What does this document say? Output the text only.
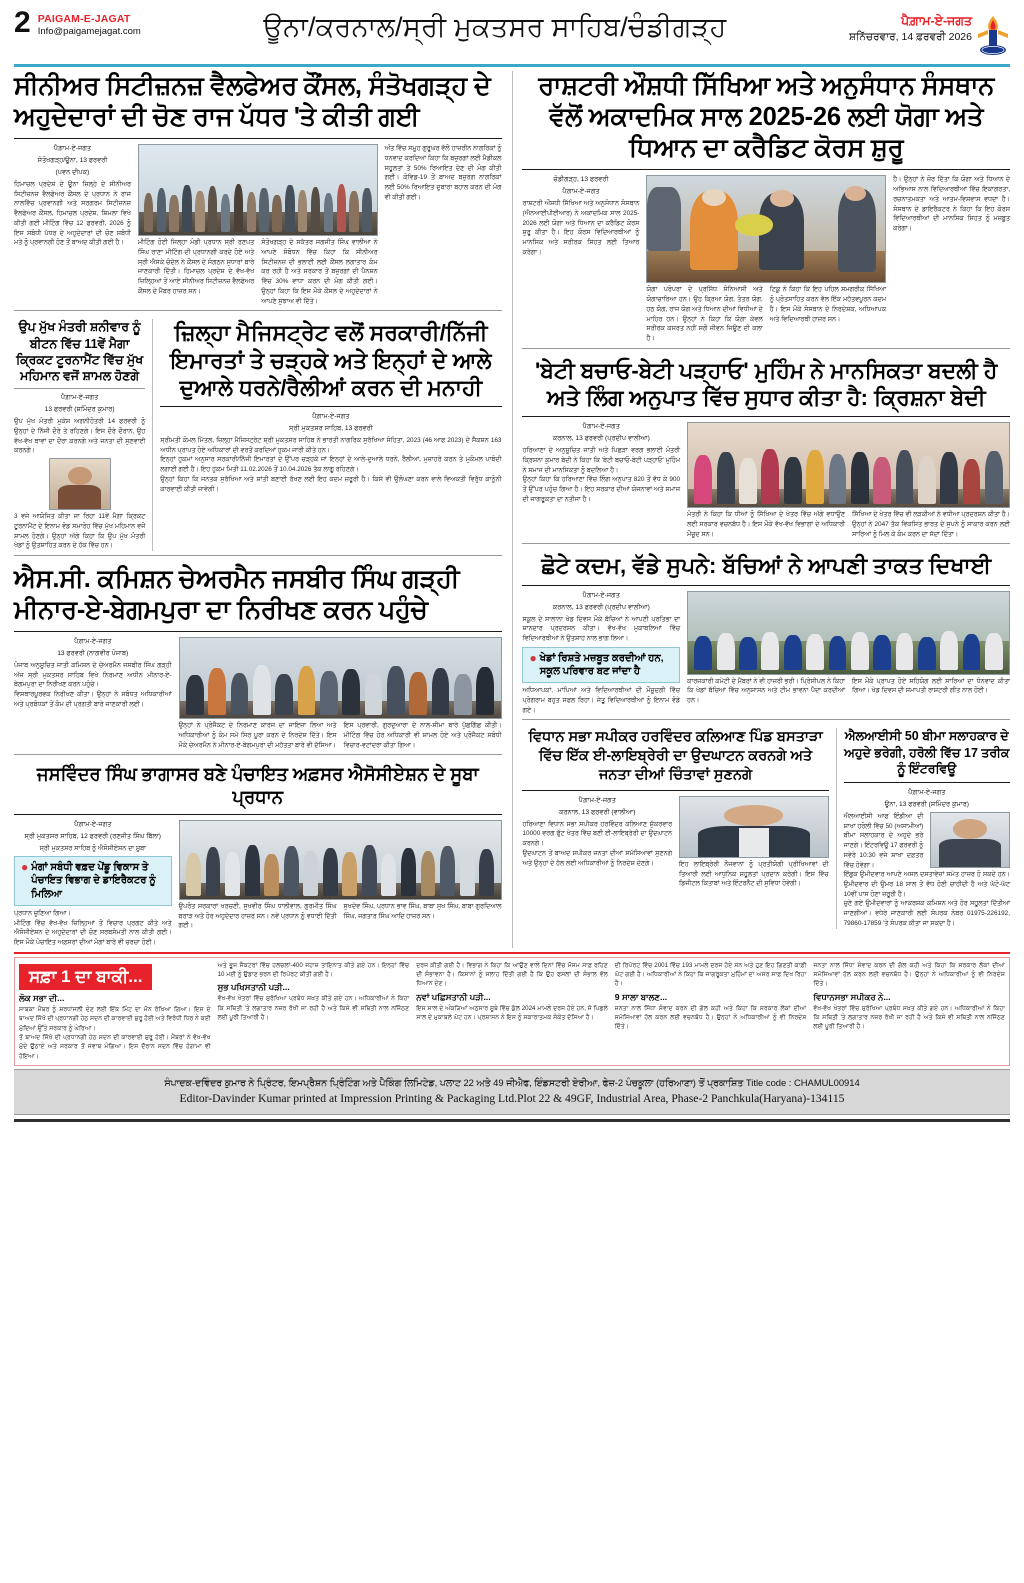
2 PAIGAM-E-JAGAT
Info@paigamejagat.com	ਊਨਾ/ਕਰਨਾਲ/ਸ੍ਰੀ ਮੁਕਤਸਰ ਸਾਹਿਬ/ਚੰਡੀਗੜ੍ਹ	ਪੈਗ਼ਾਮ-ਏ-ਜਗਤ
ਸ਼ਨਿੱਚਰਵਾਰ, 14 ਫ਼ਰਵਰੀ 2026
ਸੀਨੀਅਰ ਸਿਟੀਜ਼ਨਜ਼ ਵੈਲਫੇਅਰ ਕੌਂਸਲ, ਸੰਤੋਖਗੜ੍ਹ ਦੇ ਅਹੁਦੇਦਾਰਾਂ ਦੀ ਚੋਣ ਰਾਜ ਪੱਧਰ 'ਤੇ ਕੀਤੀ ਗਈ
ਪੈਗ਼ਾਮ-ਏ-ਜਗਤ
ਸੰਤੋਖਗੜ੍ਹ/ਊਨਾ, 13 ਫਰਵਰੀ
(ਪਵਨ ਦੀਪਕ)
ਹਿਮਾਚਲ ਪ੍ਰਦੇਸ਼ ਦੇ ਊਨਾ ਜ਼ਿਲ੍ਹੇ ਦੇ ਸੀਨੀਅਰ ਸਿਟੀਜ਼ਨਜ਼ ਵੈਲਫੇਅਰ ਕੌਂਸਲ ਦੇ ਪ੍ਰਧਾਨ ਨੇ ਰਾਜ ਨਾਲਵਿੱਚ ਪ੍ਰਵਾਨਗੀ ਅਤੇ ਸਰਗਰਮ ਸਿਟੀਜ਼ਨਜ਼ ਵੈਲਫੇਅਰ ਕੌਂਸਲ, ਹਿਮਾਚਲ ਪ੍ਰਦੇਸ਼, ਸ਼ਿਮਲਾ ਵਿਖੇ ਕੀਤੀ ਗਈ ਮੀਟਿੰਗ ਵਿੱਚ 12 ਫਰਵਰੀ, 2026 ਨੂੰ ਇਸ ਸਬੰਧੀ ਪੱਧਰ ਦੇ ਅਹੁਦੇਦਾਰਾਂ ਦੀ ਚੋਣ ਸਬੰਧੀ ਮਤੇ ਨੂੰ ਪ੍ਰਵਾਨਗੀ ਹੋਣ ਤੋਂ ਬਾਅਦ ਕੀਤੀ ਗਈ ਹੈ।	ਮੀਟਿੰਗ ਹੋਈ ਜਿਲ੍ਹਾ ਮੰਡੀ ਪ੍ਰਧਾਨ ਸ੍ਰੀ ਰਣਪਤ ਸਿੰਘ ਰਾਣਾ ਮੀਟਿੰਗ ਦੀ ਪ੍ਰਧਾਨਗੀ ਕਰਦੇ ਹੋਏ ਅਤੇ ਸ੍ਰੀ ਐਸਕੇ ਚੰਦੇਲ ਨੇ ਕੌਂਸਲ ਦੇ ਸੰਗਠਨ ਸੁਧਾਰਾਂ ਬਾਰੇ ਜਾਣਕਾਰੀ ਦਿੱਤੀ। ਹਿਮਾਚਲ ਪ੍ਰਦੇਸ਼ ਦੇ ਵੱਖ-ਵੱਖ ਜ਼ਿਲ੍ਹਿਆਂ ਤੋਂ ਆਏ ਸੀਨੀਅਰ ਸਿਟੀਜ਼ਨਜ਼ ਵੈਲਫੇਅਰ ਕੌਂਸਲ ਦੇ ਮੈਂਬਰ ਹਾਜ਼ਰ ਸਨ।
ਸੰਤੋਖਗੜ੍ਹ ਦੇ ਸਕੱਤਰ ਜਗਜੀਤ ਸਿੰਘ ਵਾਲੀਆ ਨੇ ਆਪਣੇ ਸੰਬੋਧਨ ਵਿੱਚ ਕਿਹਾ ਕਿ ਸੀਨੀਅਰ ਸਿਟੀਜ਼ਨਜ਼ ਦੀ ਭਲਾਈ ਲਈ ਕੌਂਸਲ ਲਗਾਤਾਰ ਕੰਮ ਕਰ ਰਹੀ ਹੈ ਅਤੇ ਸਰਕਾਰ ਤੋਂ ਬਜ਼ੁਰਗਾਂ ਦੀ ਪੈਨਸ਼ਨ ਵਿੱਚ 30% ਵਾਧਾ ਕਰਨ ਦੀ ਮੰਗ ਕੀਤੀ ਗਈ। ਉਨ੍ਹਾਂ ਕਿਹਾ ਕਿ ਇਸ ਮੌਕੇ ਕੌਂਸਲ ਦੇ ਅਹੁਦੇਦਾਰਾਂ ਨੇ ਆਪਣੇ ਸੁਝਾਅ ਵੀ ਦਿੱਤੇ।
ਅੰਤ ਵਿੱਚ ਸਮੂਹ ਗੁਰੂਘਰ ਵੱਲੋਂ ਹਾਜ਼ਰੀਨ ਨਾਗਰਿਕਾਂ ਨੂੰ ਧਨਵਾਦ ਕਰਦਿਆਂ ਕਿਹਾ ਕਿ ਬਜ਼ੁਰਗਾਂ ਲਈ ਮੈਡੀਕਲ ਸਹੂਲਤਾਂ ਤੇ 50% ਰਿਆਇਤ ਦੇਣ ਦੀ ਮੰਗ ਕੀਤੀ ਗਈ। ਕੋਵਿਡ-19 ਤੋਂ ਬਾਅਦ ਬਜ਼ੁਰਗ ਨਾਗਰਿਕਾਂ ਲਈ 50% ਰਿਆਇਤ ਦੁਬਾਰਾ ਬਹਾਲ ਕਰਨ ਦੀ ਮੰਗ ਵੀ ਕੀਤੀ ਗਈ।
ਉਪ ਮੁੱਖ ਮੰਤਰੀ ਸ਼ਨੀਵਾਰ ਨੂੰ ਬੀਟਨ ਵਿੱਚ 11ਵੇਂ ਮੈਗਾ ਕ੍ਰਿਕਟ ਟੂਰਨਾਮੈਂਟ ਵਿੱਚ ਮੁੱਖ ਮਹਿਮਾਨ ਵਜੋਂ ਸ਼ਾਮਲ ਹੋਣਗੇ
ਪੈਗ਼ਾਮ-ਏ-ਜਗਤ
13 ਫਰਵਰੀ (ਸ਼ਮਿੰਦਰ ਕੁਮਾਰ)
ਉਪ ਮੁੱਖ ਮੰਤਰੀ ਮੁਕੇਸ਼ ਅਗਨੀਹੋਤਰੀ 14 ਫਰਵਰੀ ਨੂੰ ਉਨ੍ਹਾਂ ਦੇ ਨਿੱਜੀ ਦੌਰੇ ਤੇ ਰਹਿਣਗੇ। ਇਸ ਦੌਰੇ ਦੌਰਾਨ, ਉਹ ਵੱਖ-ਵੱਖ ਥਾਵਾਂ ਦਾ ਦੌਰਾ ਕਰਨਗੇ ਅਤੇ ਜਨਤਾ ਦੀ ਸੁਣਵਾਈ ਕਰਨਗੇ।
3 ਵਜੇ ਆਯੋਜਿਤ ਕੀਤਾ ਜਾ ਰਿਹਾ 11ਵੇਂ ਮੈਗਾ ਕ੍ਰਿਕਟ ਟੂਰਨਾਮੈਂਟ ਦੇ ਇਨਾਮ ਵੰਡ ਸਮਾਰੋਹ ਵਿੱਚ ਮੁੱਖ ਮਹਿਮਾਨ ਵਜੋਂ ਸ਼ਾਮਲ ਹੋਣਗੇ। ਉਨ੍ਹਾਂ ਅੱਗੇ ਕਿਹਾ ਕਿ ਉਪ ਮੁੱਖ ਮੰਤਰੀ ਖੇਡਾਂ ਨੂੰ ਉਤਸ਼ਾਹਿਤ ਕਰਨ ਦੇ ਹੱਕ ਵਿੱਚ ਹਨ।
ਜ਼ਿਲ੍ਹਾ ਮੈਜਿਸਟ੍ਰੇਟ ਵਲੋਂ ਸਰਕਾਰੀ/ਨਿੱਜੀ ਇਮਾਰਤਾਂ ਤੇ ਚੜ੍ਹਕੇ ਅਤੇ ਇਨ੍ਹਾਂ ਦੇ ਆਲੇ ਦੁਆਲੇ ਧਰਨੇ/ਰੈਲੀਆਂ ਕਰਨ ਦੀ ਮਨਾਹੀ
ਪੈਗ਼ਾਮ-ਏ-ਜਗਤ
ਸ੍ਰੀ ਮੁਕਤਸਰ ਸਾਹਿਬ, 13 ਫਰਵਰੀ
ਸ੍ਰੀਮਤੀ ਕੋਮਲ ਮਿੱਤਲ, ਜ਼ਿਲ੍ਹਾ ਮੈਜਿਸਟ੍ਰੇਟ ਸ਼੍ਰੀ ਮੁਕਤਸਰ ਸਾਹਿਬ ਨੇ ਭਾਰਤੀ ਨਾਗਰਿਕ ਸੁਰੱਖਿਆ ਸੰਹਿਤਾ, 2023 (46 ਆਫ 2023) ਦੇ ਸੈਕਸ਼ਨ 163 ਅਧੀਨ ਪ੍ਰਾਪਤ ਹੋਏ ਅਧਿਕਾਰਾਂ ਦੀ ਵਰਤੋਂ ਕਰਦਿਆਂ ਹੁਕਮ ਜਾਰੀ ਕੀਤੇ ਹਨ।
ਇਨ੍ਹਾਂ ਹੁਕਮਾਂ ਅਨੁਸਾਰ ਸਰਕਾਰੀ/ਨਿੱਜੀ ਇਮਾਰਤਾਂ ਦੇ ਉੱਪਰ ਚੜ੍ਹਕੇ ਜਾਂ ਇਨ੍ਹਾਂ ਦੇ ਆਲੇ-ਦੁਆਲੇ ਧਰਨੇ, ਰੈਲੀਆਂ, ਮੁਜ਼ਾਹਰੇ ਕਰਨ ਤੇ ਮੁਕੰਮਲ ਪਾਬੰਦੀ ਲਗਾਈ ਗਈ ਹੈ। ਇਹ ਹੁਕਮ ਮਿਤੀ 11.02.2026 ਤੋਂ 10.04.2026 ਤੱਕ ਲਾਗੂ ਰਹਿਣਗੇ।
ਉਨ੍ਹਾਂ ਕਿਹਾ ਕਿ ਜਨਤਕ ਸੁਰੱਖਿਆ ਅਤੇ ਸ਼ਾਂਤੀ ਬਣਾਈ ਰੱਖਣ ਲਈ ਇਹ ਕਦਮ ਜ਼ਰੂਰੀ ਹੈ। ਕਿਸੇ ਵੀ ਉਲੰਘਣਾ ਕਰਨ ਵਾਲੇ ਵਿਅਕਤੀ ਵਿਰੁੱਧ ਕਾਨੂੰਨੀ ਕਾਰਵਾਈ ਕੀਤੀ ਜਾਵੇਗੀ।
ਐਸ.ਸੀ. ਕਮਿਸ਼ਨ ਚੇਅਰਮੈਨ ਜਸਬੀਰ ਸਿੰਘ ਗੜ੍ਹੀ ਮੀਨਾਰ-ਏ-ਬੇਗਮਪੁਰਾ ਦਾ ਨਿਰੀਖਣ ਕਰਨ ਪਹੁੰਚੇ
ਪੈਗ਼ਾਮ-ਏ-ਜਗਤ
13 ਫਰਵਰੀ (ਨਾਗਵੀਰ ਪੰਜਾਬ)
ਪੰਜਾਬ ਅਨੁਸੂਚਿਤ ਜਾਤੀ ਕਮਿਸ਼ਨ ਦੇ ਚੇਅਰਮੈਨ ਜਸਬੀਰ ਸਿੰਘ ਗੜ੍ਹੀ ਅੱਜ ਸ੍ਰੀ ਮੁਕਤਸਰ ਸਾਹਿਬ ਵਿਖੇ ਨਿਰਮਾਣ ਅਧੀਨ ਮੀਨਾਰ-ਏ-ਬੇਗਮਪੁਰਾ ਦਾ ਨਿਰੀਖਣ ਕਰਨ ਪਹੁੰਚੇ।
ਵਿਸ਼ਥਾਰਪੂਰਵਕ ਨਿਰੀਖਣ ਕੀਤਾ। ਉਨ੍ਹਾਂ ਨੇ ਸਬੰਧਤ ਅਧਿਕਾਰੀਆਂ ਅਤੇ ਪ੍ਰਬੰਧਕਾਂ ਤੋਂ ਕੰਮ ਦੀ ਪ੍ਰਗਤੀ ਬਾਰੇ ਜਾਣਕਾਰੀ ਲਈ।
ਉਨ੍ਹਾਂ ਨੇ ਪ੍ਰੋਜੈਕਟ ਦੇ ਨਿਰਮਾਣ ਕਾਰਜ ਦਾ ਜਾਇਜ਼ਾ ਲਿਆ ਅਤੇ ਅਧਿਕਾਰੀਆਂ ਨੂੰ ਕੰਮ ਸਮੇਂ ਸਿਰ ਪੂਰਾ ਕਰਨ ਦੇ ਨਿਰਦੇਸ਼ ਦਿੱਤੇ। ਇਸ ਮੌਕੇ ਚੇਅਰਮੈਨ ਨੇ ਮੀਨਾਰ-ਏ-ਬੇਗਮਪੁਰਾ ਦੀ ਮਹੱਤਤਾ ਬਾਰੇ ਵੀ ਦੱਸਿਆ।
ਇਸ ਪ੍ਰਵਾਰੀ, ਗੁਰਦੁਆਰਾ ਦੇ ਨਾਲ-ਸੀਮਾ ਬਾਰੇ ਪੁੱਛਗਿੱਛ ਕੀਤੀ। ਮੀਟਿੰਗ ਵਿੱਚ ਹੋਰ ਅਧਿਕਾਰੀ ਵੀ ਸ਼ਾਮਲ ਹੋਏ ਅਤੇ ਪ੍ਰੋਜੈਕਟ ਸਬੰਧੀ ਵਿਚਾਰ-ਵਟਾਂਦਰਾ ਕੀਤਾ ਗਿਆ।
ਜਸਵਿੰਦਰ ਸਿੰਘ ਭਾਗਾਸਰ ਬਣੇ ਪੰਚਾਇਤ ਅਫ਼ਸਰ ਐਸੋਸੀਏਸ਼ਨ ਦੇ ਸੂਬਾ ਪ੍ਰਧਾਨ
ਪੈਗ਼ਾਮ-ਏ-ਜਗਤ
ਸ੍ਰੀ ਮੁਕਤਸਰ ਸਾਹਿਬ, 12 ਫਰਵਰੀ (ਰਣਜੀਤ ਸਿੰਘ ਬਿੱਲਾ)
ਸ੍ਰੀ ਮੁਕਤਸਰ ਸਾਹਿਬ ਨੂੰ ਐਸੋਸੀਏਸ਼ਨ ਦਾ ਸੂਬਾ
● ਮੰਗਾਂ ਸਬੰਧੀ ਵਫ਼ਦ ਪੇਂਡੂ ਵਿਕਾਸ ਤੇ ਪੰਚਾਇਤ ਵਿਭਾਗ ਦੇ ਡਾਇਰੈਕਟਰ ਨੂੰ ਮਿਲਿਆ
ਪ੍ਰਧਾਨ ਚੁਣਿਆ ਗਿਆ।
ਮੀਟਿੰਗ ਵਿੱਚ ਵੱਖ-ਵੱਖ ਜ਼ਿਲ੍ਹਿਆਂ ਤੋਂ ਵਿਚਾਰ ਪ੍ਰਗਟ ਕੀਤੇ ਅਤੇ ਐਸੋਸੀਏਸ਼ਨ ਦੇ ਅਹੁਦੇਦਾਰਾਂ ਦੀ ਚੋਣ ਸਰਬਸੰਮਤੀ ਨਾਲ ਕੀਤੀ ਗਈ। ਇਸ ਮੌਕੇ ਪੰਚਾਇਤ ਅਫ਼ਸਰਾਂ ਦੀਆਂ ਮੰਗਾਂ ਬਾਰੇ ਵੀ ਚਰਚਾ ਹੋਈ।
ਉਪਰੰਤ ਸਰਕਾਰਾਂ ਖਰਚਣੀ, ਸੁਖਵੀਰ ਸਿੰਘ ਧਾਲੀਵਾਲ, ਗੁਰਮੀਤ ਸਿੰਘ ਬਰਾੜ ਅਤੇ ਹੋਰ ਅਹੁਦੇਦਾਰ ਹਾਜ਼ਰ ਸਨ। ਨਵੇਂ ਪ੍ਰਧਾਨ ਨੂੰ ਵਧਾਈ ਦਿੱਤੀ ਗਈ।
ਸੁਖਦੇਵ ਸਿੰਘ, ਪ੍ਰਧਾਨ ਭਾਵ ਸਿੰਘ, ਬਾਬਾ ਸੁਖ ਸਿੰਘ, ਬਾਬਾ ਗੁਰਦਿਆਲ ਸਿੰਘ, ਜਗਤਾਰ ਸਿੰਘ ਆਦਿ ਹਾਜ਼ਰ ਸਨ।
ਰਾਸ਼ਟਰੀ ਔਸ਼ਧੀ ਸਿੱਖਿਆ ਅਤੇ ਅਨੁਸੰਧਾਨ ਸੰਸਥਾਨ ਵੱਲੋਂ ਅਕਾਦਮਿਕ ਸਾਲ 2025-26 ਲਈ ਯੋਗਾ ਅਤੇ ਧਿਆਨ ਦਾ ਕਰੈਡਿਟ ਕੋਰਸ ਸ਼ੁਰੂ
ਚੰਡੀਗੜ੍ਹ, 13 ਫਰਵਰੀ
ਪੈਗ਼ਾਮ-ਏ-ਜਗਤ
ਰਾਸ਼ਟਰੀ ਔਸ਼ਧੀ ਸਿੱਖਿਆ ਅਤੇ ਅਨੁਸੰਧਾਨ ਸੰਸਥਾਨ (ਐਨਆਈਪੀਈਆਰ) ਨੇ ਅਕਾਦਮਿਕ ਸਾਲ 2025-2026 ਲਈ ਯੋਗਾ ਅਤੇ ਧਿਆਨ ਦਾ ਕਰੈਡਿਟ ਕੋਰਸ ਸ਼ੁਰੂ ਕੀਤਾ ਹੈ। ਇਹ ਕੋਰਸ ਵਿਦਿਆਰਥੀਆਂ ਨੂੰ ਮਾਨਸਿਕ ਅਤੇ ਸਰੀਰਕ ਸਿਹਤ ਲਈ ਤਿਆਰ ਕਰੇਗਾ।
ਯੋਗਾ ਪਰੰਪਰਾ ਦੇ ਪ੍ਰਸਿੱਧ ਸੰਨਿਆਸੀ ਅਤੇ ਯੋਗਾਚਾਰਿਆ ਹਨ। ਉਹ ਕ੍ਰਿਆ ਯੋਗ, ਤੰਤਰ ਯੋਗ, ਹਠ ਯੋਗ, ਰਾਜ ਯੋਗ ਅਤੇ ਧਿਆਨ ਦੀਆਂ ਵਿਧੀਆਂ ਦੇ ਮਾਹਿਰ ਹਨ। ਉਨ੍ਹਾਂ ਨੇ ਕਿਹਾ ਕਿ ਯੋਗਾ ਕੇਵਲ ਸਰੀਰਕ ਕਸਰਤ ਨਹੀਂ ਸਗੋਂ ਜੀਵਨ ਜਿਊਣ ਦੀ ਕਲਾ ਹੈ।
ਟਿਕੂ ਨੇ ਕਿਹਾ ਕਿ ਇਹ ਪਹਿਲ ਸਮਗਰੀਕ ਸਿੱਖਿਆ ਨੂੰ ਪ੍ਰੋਤਸਾਹਿਤ ਕਰਨ ਵੱਲ ਇੱਕ ਮਹੱਤਵਪੂਰਨ ਕਦਮ ਹੈ। ਇਸ ਮੌਕੇ ਸੰਸਥਾਨ ਦੇ ਨਿਰਦੇਸ਼ਕ, ਅਧਿਆਪਕ ਅਤੇ ਵਿਦਿਆਰਥੀ ਹਾਜ਼ਰ ਸਨ।
ਹੈ। ਉਨ੍ਹਾਂ ਨੇ ਜ਼ੋਰ ਦਿੱਤਾ ਕਿ ਯੋਗਾ ਅਤੇ ਧਿਆਨ ਦੇ ਅਭਿਆਸ ਨਾਲ ਵਿਦਿਆਰਥੀਆਂ ਵਿੱਚ ਇਕਾਗਰਤਾ, ਰਚਨਾਤਮਕਤਾ ਅਤੇ ਆਤਮ-ਵਿਸ਼ਵਾਸ ਵਧਦਾ ਹੈ। ਸੰਸਥਾਨ ਦੇ ਡਾਇਰੈਕਟਰ ਨੇ ਕਿਹਾ ਕਿ ਇਹ ਕੋਰਸ ਵਿਦਿਆਰਥੀਆਂ ਦੀ ਮਾਨਸਿਕ ਸਿਹਤ ਨੂੰ ਮਜ਼ਬੂਤ ਕਰੇਗਾ।
'ਬੇਟੀ ਬਚਾਓ-ਬੇਟੀ ਪੜ੍ਹਾਓ' ਮੁਹਿੰਮ ਨੇ ਮਾਨਸਿਕਤਾ ਬਦਲੀ ਹੈ ਅਤੇ ਲਿੰਗ ਅਨੁਪਾਤ ਵਿੱਚ ਸੁਧਾਰ ਕੀਤਾ ਹੈ: ਕ੍ਰਿਸ਼ਨਾ ਬੇਦੀ
ਪੈਗ਼ਾਮ-ਏ-ਜਗਤ
ਕਰਨਾਲ, 13 ਫਰਵਰੀ (ਪ੍ਰਦੀਪ ਵਾਲੀਆ)
ਹਰਿਆਣਾ ਦੇ ਅਨੁਸੂਚਿਤ ਜਾਤੀ ਅਤੇ ਪਿਛੜਾ ਵਰਗ ਭਲਾਈ ਮੰਤਰੀ ਕ੍ਰਿਸ਼ਨਾ ਕੁਮਾਰ ਬੇਦੀ ਨੇ ਕਿਹਾ ਕਿ 'ਬੇਟੀ ਬਚਾਓ-ਬੇਟੀ ਪੜ੍ਹਾਓ' ਮੁਹਿੰਮ ਨੇ ਸਮਾਜ ਦੀ ਮਾਨਸਿਕਤਾ ਨੂੰ ਬਦਲਿਆ ਹੈ।
ਉਨ੍ਹਾਂ ਕਿਹਾ ਕਿ ਹਰਿਆਣਾ ਵਿੱਚ ਲਿੰਗ ਅਨੁਪਾਤ 820 ਤੋਂ ਵੱਧ ਕੇ 900 ਤੋਂ ਉੱਪਰ ਪਹੁੰਚ ਗਿਆ ਹੈ। ਇਹ ਸਰਕਾਰ ਦੀਆਂ ਯੋਜਨਾਵਾਂ ਅਤੇ ਸਮਾਜ ਦੀ ਜਾਗਰੂਕਤਾ ਦਾ ਨਤੀਜਾ ਹੈ।
ਮੰਤਰੀ ਨੇ ਕਿਹਾ ਕਿ ਧੀਆਂ ਨੂੰ ਸਿੱਖਿਆ ਦੇ ਖੇਤਰ ਵਿੱਚ ਅੱਗੇ ਵਧਾਉਣ ਲਈ ਸਰਕਾਰ ਵਚਨਬੱਧ ਹੈ। ਇਸ ਮੌਕੇ ਵੱਖ-ਵੱਖ ਵਿਭਾਗਾਂ ਦੇ ਅਧਿਕਾਰੀ ਮੌਜੂਦ ਸਨ।
ਸਿੱਖਿਆ ਦੇ ਖੇਤਰ ਵਿੱਚ ਵੀ ਲੜਕੀਆਂ ਨੇ ਵਧੀਆ ਪ੍ਰਦਰਸ਼ਨ ਕੀਤਾ ਹੈ। ਉਨ੍ਹਾਂ ਨੇ 2047 ਤੱਕ ਵਿਕਸਿਤ ਭਾਰਤ ਦੇ ਸੁਪਨੇ ਨੂੰ ਸਾਕਾਰ ਕਰਨ ਲਈ ਸਾਰਿਆਂ ਨੂੰ ਮਿਲ ਕੇ ਕੰਮ ਕਰਨ ਦਾ ਸੱਦਾ ਦਿੱਤਾ।
ਛੋਟੇ ਕਦਮ, ਵੱਡੇ ਸੁਪਨੇ: ਬੱਚਿਆਂ ਨੇ ਆਪਣੀ ਤਾਕਤ ਦਿਖਾਈ
ਪੈਗ਼ਾਮ-ਏ-ਜਗਤ
ਕਰਨਾਲ, 13 ਫਰਵਰੀ (ਪ੍ਰਦੀਪ ਵਾਲੀਆ)
ਸਕੂਲ ਦੇ ਸਾਲਾਨਾ ਖੇਡ ਦਿਵਸ ਮੌਕੇ ਬੱਚਿਆਂ ਨੇ ਆਪਣੀ ਪ੍ਰਤਿਭਾ ਦਾ ਸ਼ਾਨਦਾਰ ਪ੍ਰਦਰਸ਼ਨ ਕੀਤਾ। ਵੱਖ-ਵੱਖ ਮੁਕਾਬਲਿਆਂ ਵਿੱਚ ਵਿਦਿਆਰਥੀਆਂ ਨੇ ਉਤਸ਼ਾਹ ਨਾਲ ਭਾਗ ਲਿਆ।
● ਖੇਡਾਂ ਰਿਸ਼ਤੇ ਮਜ਼ਬੂਤ ਕਰਦੀਆਂ ਹਨ, ਸਕੂਲ ਪਰਿਵਾਰ ਬਣ ਜਾਂਦਾ ਹੈ
ਅਧਿਆਪਕਾਂ, ਮਾਪਿਆਂ ਅਤੇ ਵਿਦਿਆਰਥੀਆਂ ਦੀ ਮੌਜੂਦਗੀ ਵਿੱਚ ਪ੍ਰੋਗਰਾਮ ਬਹੁਤ ਸਫਲ ਰਿਹਾ। ਜੇਤੂ ਵਿਦਿਆਰਥੀਆਂ ਨੂੰ ਇਨਾਮ ਵੰਡੇ ਗਏ।
ਕਾਰਜਕਾਰੀ ਕਮੇਟੀ ਦੇ ਮੈਂਬਰਾਂ ਨੇ ਵੀ ਹਾਜ਼ਰੀ ਭਰੀ। ਪ੍ਰਿੰਸੀਪਲ ਨੇ ਕਿਹਾ ਕਿ ਖੇਡਾਂ ਬੱਚਿਆਂ ਵਿੱਚ ਅਨੁਸ਼ਾਸਨ ਅਤੇ ਟੀਮ ਭਾਵਨਾ ਪੈਦਾ ਕਰਦੀਆਂ ਹਨ।
ਇਸ ਮੌਕੇ ਪ੍ਰਾਪਤ ਹੋਏ ਸਹਿਯੋਗ ਲਈ ਸਾਰਿਆਂ ਦਾ ਧੰਨਵਾਦ ਕੀਤਾ ਗਿਆ। ਖੇਡ ਦਿਵਸ ਦੀ ਸਮਾਪਤੀ ਰਾਸ਼ਟਰੀ ਗੀਤ ਨਾਲ ਹੋਈ।
ਵਿਧਾਨ ਸਭਾ ਸਪੀਕਰ ਹਰਵਿੰਦਰ ਕਲਿਆਣ ਪਿੰਡ ਬਸਤਾੜਾ ਵਿੱਚ ਇੱਕ ਈ-ਲਾਇਬ੍ਰੇਰੀ ਦਾ ਉਦਘਾਟਨ ਕਰਨਗੇ ਅਤੇ ਜਨਤਾ ਦੀਆਂ ਚਿੰਤਾਵਾਂ ਸੁਣਨਗੇ
ਪੈਗ਼ਾਮ-ਏ-ਜਗਤ
ਕਰਨਾਲ, 13 ਫਰਵਰੀ (ਵਾਲੀਆ)
ਹਰਿਆਣਾ ਵਿਧਾਨ ਸਭਾ ਸਪੀਕਰ ਹਰਵਿੰਦਰ ਕਲਿਆਣ ਸ਼ੁੱਕਰਵਾਰ 10000 ਵਰਗ ਫੁੱਟ ਖੇਤਰ ਵਿੱਚ ਬਣੀ ਈ-ਲਾਇਬ੍ਰੇਰੀ ਦਾ ਉਦਘਾਟਨ ਕਰਨਗੇ।
ਉਦਘਾਟਨ ਤੋਂ ਬਾਅਦ ਸਪੀਕਰ ਜਨਤਾ ਦੀਆਂ ਸਮੱਸਿਆਵਾਂ ਸੁਣਨਗੇ ਅਤੇ ਉਨ੍ਹਾਂ ਦੇ ਹੱਲ ਲਈ ਅਧਿਕਾਰੀਆਂ ਨੂੰ ਨਿਰਦੇਸ਼ ਦੇਣਗੇ।	ਇਹ ਲਾਇਬ੍ਰੇਰੀ ਨੌਜਵਾਨਾਂ ਨੂੰ ਪ੍ਰਤੀਯੋਗੀ ਪ੍ਰੀਖਿਆਵਾਂ ਦੀ ਤਿਆਰੀ ਲਈ ਆਧੁਨਿਕ ਸਹੂਲਤਾਂ ਪ੍ਰਦਾਨ ਕਰੇਗੀ। ਇਸ ਵਿੱਚ ਡਿਜੀਟਲ ਕਿਤਾਬਾਂ ਅਤੇ ਇੰਟਰਨੈਟ ਦੀ ਸੁਵਿਧਾ ਹੋਵੇਗੀ।
ਐਲਆਈਸੀ 50 ਬੀਮਾ ਸਲਾਹਕਾਰ ਦੇ ਅਹੁਦੇ ਭਰੇਗੀ, ਹਰੋਲੀ ਵਿੱਚ 17 ਤਰੀਕ ਨੂੰ ਇੰਟਰਵਿਊ
ਪੈਗ਼ਾਮ-ਏ-ਜਗਤ
ਊਨਾ, 13 ਫਰਵਰੀ (ਸ਼ਮਿੰਦਰ ਕੁਮਾਰ)
ਐਲਆਈਸੀ ਆਫ ਇੰਡੀਆ ਦੀ ਸ਼ਾਖਾ ਹਰੋਲੀ ਵਿੱਚ 50 (ਅਸਾਮੀਆਂ) ਬੀਮਾ ਸਲਾਹਕਾਰ ਦੇ ਅਹੁਦੇ ਭਰੇ ਜਾਣਗੇ। ਇੰਟਰਵਿਊ 17 ਫਰਵਰੀ ਨੂੰ ਸਵੇਰੇ 10:30 ਵਜੇ ਸ਼ਾਖਾ ਦਫ਼ਤਰ ਵਿੱਚ ਹੋਵੇਗਾ।
ਇੱਛੁਕ ਉਮੀਦਵਾਰ ਆਪਣੇ ਅਸਲ ਦਸਤਾਵੇਜ਼ਾਂ ਸਮੇਤ ਹਾਜ਼ਰ ਹੋ ਸਕਦੇ ਹਨ। ਉਮੀਦਵਾਰ ਦੀ ਉਮਰ 18 ਸਾਲ ਤੋਂ ਵੱਧ ਹੋਣੀ ਚਾਹੀਦੀ ਹੈ ਅਤੇ ਘੱਟੋ-ਘੱਟ 10ਵੀਂ ਪਾਸ ਹੋਣਾ ਜ਼ਰੂਰੀ ਹੈ।
ਚੁਣੇ ਗਏ ਉਮੀਦਵਾਰਾਂ ਨੂੰ ਆਕਰਸ਼ਕ ਕਮਿਸ਼ਨ ਅਤੇ ਹੋਰ ਸਹੂਲਤਾਂ ਦਿੱਤੀਆਂ ਜਾਣਗੀਆਂ। ਵਧੇਰੇ ਜਾਣਕਾਰੀ ਲਈ ਸੰਪਰਕ ਨੰਬਰ 01975-226192, 79860-17859 'ਤੇ ਸੰਪਰਕ ਕੀਤਾ ਜਾ ਸਕਦਾ ਹੈ।
ਸਫ਼ਾ 1 ਦਾ ਬਾਕੀ...
ਲੋਕ ਸਭਾ ਦੀ...
ਸਾਬਕਾ ਮੈਂਬਰ ਨੂੰ ਸ਼ਰਧਾਂਜਲੀ ਦੇਣ ਲਈ ਇੱਕ ਮਿੰਟ ਦਾ ਮੌਨ ਰੱਖਿਆ ਗਿਆ। ਇਸ ਦੇ ਬਾਅਦ ਸਿੱਖੋ ਦੀ ਪ੍ਰਧਾਨਗੀ ਹੇਠ ਸਦਨ ਦੀ ਕਾਰਵਾਈ ਸ਼ੁਰੂ ਹੋਈ ਅਤੇ ਵਿਰੋਧੀ ਧਿਰ ਨੇ ਕਈ ਮੁੱਦਿਆਂ ਉੱਤੇ ਸਰਕਾਰ ਨੂੰ ਘੇਰਿਆ।
ਤੋਂ ਬਾਅਦ ਸਿੱਖੋ ਦੀ ਪ੍ਰਧਾਨਗੀ ਹੇਠ ਸਦਨ ਦੀ ਕਾਰਵਾਈ ਸ਼ੁਰੂ ਹੋਈ। ਮੈਂਬਰਾਂ ਨੇ ਵੱਖ-ਵੱਖ ਮੁੱਦੇ ਉਠਾਏ ਅਤੇ ਸਰਕਾਰ ਤੋਂ ਜਵਾਬ ਮੰਗਿਆ। ਇਸ ਦੌਰਾਨ ਸਦਨ ਵਿੱਚ ਹੰਗਾਮਾ ਵੀ ਹੋਇਆ।
ਅਤੇ ਭੂਜ ਸੈਕਟਰਾਂ ਵਿੱਚ ਹਲਚਲਾਂ-400 ਜਹਾਜ਼ ਤਾਇਨਾਤ ਕੀਤੇ ਗਏ ਹਨ। ਇਨ੍ਹਾਂ ਵਿੱਚ 10 ਮਈ ਨੂੰ ਉਡਾਣ ਭਰਨ ਦੀ ਰਿਪੋਰਟ ਕੀਤੀ ਗਈ ਹੈ।
ਸੁਭ ਪਖਿਸਤਾਨੀ ਪੜੀ...
ਵੱਖ-ਵੱਖ ਖੇਤਰਾਂ ਵਿੱਚ ਸੁਰੱਖਿਆ ਪ੍ਰਬੰਧ ਸਖ਼ਤ ਕੀਤੇ ਗਏ ਹਨ। ਅਧਿਕਾਰੀਆਂ ਨੇ ਕਿਹਾ ਕਿ ਸਥਿਤੀ 'ਤੇ ਲਗਾਤਾਰ ਨਜ਼ਰ ਰੱਖੀ ਜਾ ਰਹੀ ਹੈ ਅਤੇ ਕਿਸੇ ਵੀ ਸਥਿਤੀ ਨਾਲ ਨਜਿੱਠਣ ਲਈ ਪੂਰੀ ਤਿਆਰੀ ਹੈ।
ਦਰਜ ਕੀਤੀ ਗਈ ਹੈ। ਵਿਭਾਗ ਨੇ ਕਿਹਾ ਕਿ ਆਉਣ ਵਾਲੇ ਦਿਨਾਂ ਵਿੱਚ ਮੌਸਮ ਸਾਫ਼ ਰਹਿਣ ਦੀ ਸੰਭਾਵਨਾ ਹੈ। ਕਿਸਾਨਾਂ ਨੂੰ ਸਲਾਹ ਦਿੱਤੀ ਗਈ ਹੈ ਕਿ ਉਹ ਫਸਲਾਂ ਦੀ ਸੰਭਾਲ ਵੱਲ ਧਿਆਨ ਦੇਣ।
ਨਵਾਂ ਪਛਿਸਤਾਨੀ ਪੜੀ...
ਇਸ ਸਾਲ ਦੇ ਅੰਕੜਿਆਂ ਅਨੁਸਾਰ ਸੂਬੇ ਵਿੱਚ ਕੁੱਲ 2024 ਮਾਮਲੇ ਦਰਜ ਹੋਏ ਹਨ, ਜੋ ਪਿਛਲੇ ਸਾਲ ਦੇ ਮੁਕਾਬਲੇ ਘੱਟ ਹਨ। ਪ੍ਰਸ਼ਾਸਨ ਨੇ ਇਸ ਨੂੰ ਸਕਾਰਾਤਮਕ ਸੰਕੇਤ ਦੱਸਿਆ ਹੈ।
ਦੀ ਰਿਪੋਰਟ ਵਿੱਚ 2001 ਵਿੱਚ 193 ਮਾਮਲੇ ਦਰਜ ਹੋਏ ਸਨ ਅਤੇ ਹੁਣ ਇਹ ਗਿਣਤੀ ਕਾਫ਼ੀ ਘੱਟ ਗਈ ਹੈ। ਅਧਿਕਾਰੀਆਂ ਨੇ ਕਿਹਾ ਕਿ ਜਾਗਰੂਕਤਾ ਮੁਹਿੰਮਾਂ ਦਾ ਅਸਰ ਸਾਫ਼ ਦਿਖ ਰਿਹਾ ਹੈ।
9 ਸਾਲਾ ਬਾਲਣ...
ਜਨਤਾ ਨਾਲ ਸਿੱਧਾ ਸੰਵਾਦ ਕਰਨ ਦੀ ਗੱਲ ਕਹੀ ਅਤੇ ਕਿਹਾ ਕਿ ਸਰਕਾਰ ਲੋਕਾਂ ਦੀਆਂ ਸਮੱਸਿਆਵਾਂ ਹੱਲ ਕਰਨ ਲਈ ਵਚਨਬੱਧ ਹੈ। ਉਨ੍ਹਾਂ ਨੇ ਅਧਿਕਾਰੀਆਂ ਨੂੰ ਵੀ ਨਿਰਦੇਸ਼ ਦਿੱਤੇ।
ਜਨਤਾ ਨਾਲ ਸਿੱਧਾ ਸੰਵਾਦ ਕਰਨ ਦੀ ਗੱਲ ਕਹੀ ਅਤੇ ਕਿਹਾ ਕਿ ਸਰਕਾਰ ਲੋਕਾਂ ਦੀਆਂ ਸਮੱਸਿਆਵਾਂ ਹੱਲ ਕਰਨ ਲਈ ਵਚਨਬੱਧ ਹੈ। ਉਨ੍ਹਾਂ ਨੇ ਅਧਿਕਾਰੀਆਂ ਨੂੰ ਵੀ ਨਿਰਦੇਸ਼ ਦਿੱਤੇ।
ਵਿਧਾਨਸਭਾ ਸਪੀਕਰ ਨੇ...
ਵੱਖ-ਵੱਖ ਖੇਤਰਾਂ ਵਿੱਚ ਸੁਰੱਖਿਆ ਪ੍ਰਬੰਧ ਸਖ਼ਤ ਕੀਤੇ ਗਏ ਹਨ। ਅਧਿਕਾਰੀਆਂ ਨੇ ਕਿਹਾ ਕਿ ਸਥਿਤੀ 'ਤੇ ਲਗਾਤਾਰ ਨਜ਼ਰ ਰੱਖੀ ਜਾ ਰਹੀ ਹੈ ਅਤੇ ਕਿਸੇ ਵੀ ਸਥਿਤੀ ਨਾਲ ਨਜਿੱਠਣ ਲਈ ਪੂਰੀ ਤਿਆਰੀ ਹੈ।
ਸੰਪਾਦਕ-ਦਵਿੰਦਰ ਕੁਮਾਰ ਨੇ ਪ੍ਰਿੰਟਰ, ਇਮਪ੍ਰੈਸ਼ਨ ਪ੍ਰਿੰਟਿੰਗ ਅਤੇ ਪੈਕਿੰਗ ਲਿਮਿਟੇਡ, ਪਲਾਟ 22 ਅਤੇ 49 ਜੀਐਫ, ਇੰਡਸਟਰੀ ਏਰੀਆ, ਫੇਜ਼-2 ਪੰਚਕੂਲਾ (ਹਰਿਆਣਾ) ਤੋਂ ਪ੍ਰਕਾਸ਼ਿਤ Title code : CHAMUL00914
Editor-Davinder Kumar printed at Impression Printing & Packaging Ltd.Plot 22 & 49GF, Industrial Area, Phase-2 Panchkula(Haryana)-134115
